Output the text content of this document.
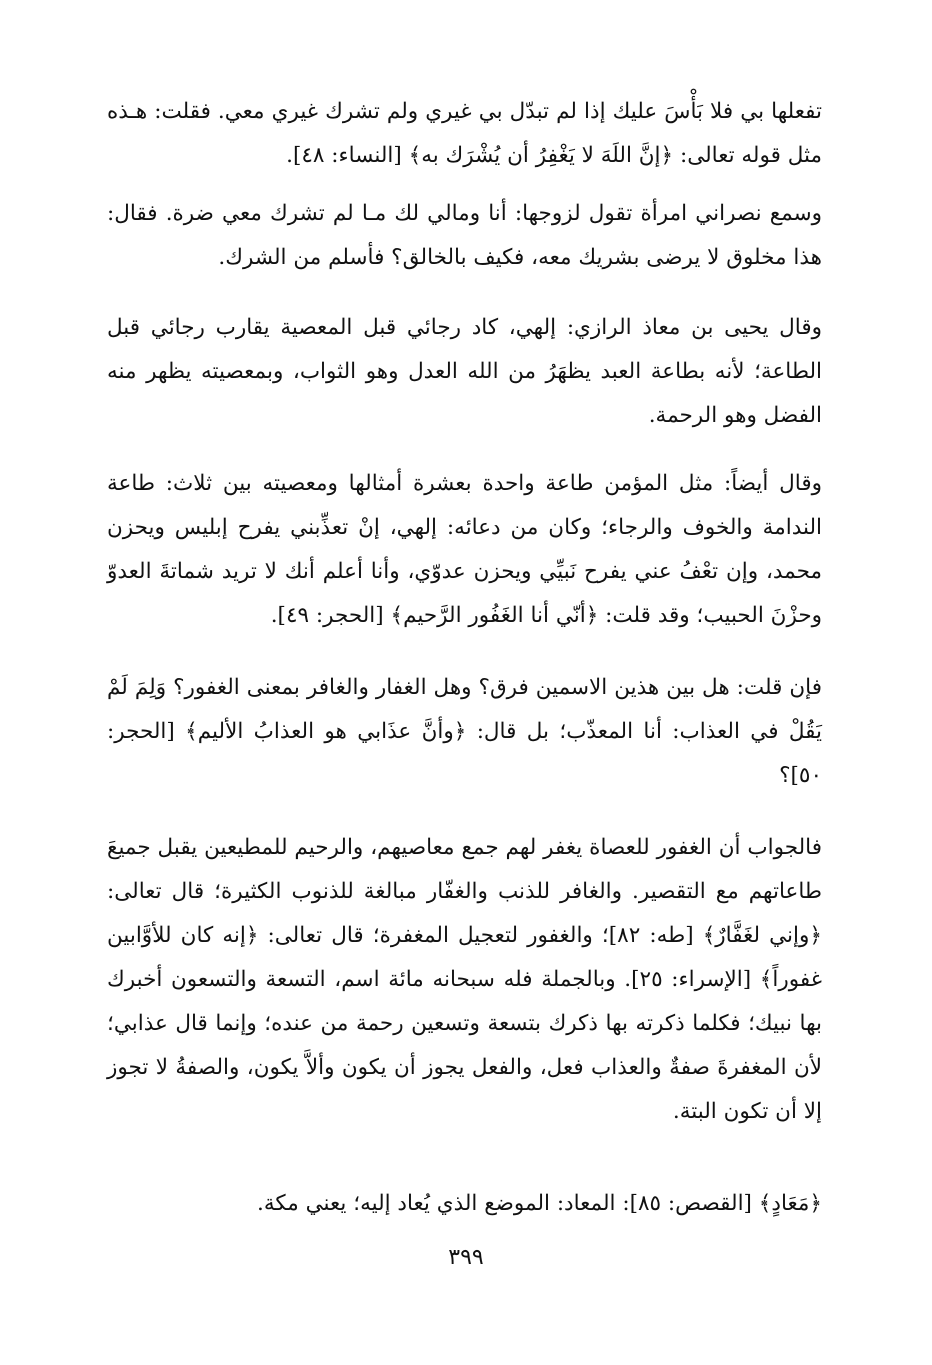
تفعلها بي فلا بَأْسَ عليك إذا لم تبدّل بي غيري ولم تشرك غيري معي. فقلت: هـذه مثل قوله تعالى: ﴿إنَّ اللَهَ لا يَغْفِرُ أن يُشْرَك به﴾ [النساء: ٤٨].

وسمع نصراني امرأة تقول لزوجها: أنا ومالي لك مـا لم تشرك معي ضرة. فقال: هذا مخلوق لا يرضى بشريك معه، فكيف بالخالق؟ فأسلم من الشرك.

وقال يحيى بن معاذ الرازي: إلهي، كاد رجائي قبل المعصية يقارب رجائي قبل الطاعة؛ لأنه بطاعة العبد يظهَرُ من الله العدل وهو الثواب، وبمعصيته يظهر منه الفضل وهو الرحمة.

وقال أيضاً: مثل المؤمن طاعة واحدة بعشرة أمثالها ومعصيته بين ثلاث: طاعة الندامة والخوف والرجاء؛ وكان من دعائه: إلهي، إنْ تعذِّبني يفرح إبليس ويحزن محمد، وإن تعْفُ عني يفرح نَبيِّي ويحزن عدوّي، وأنا أعلم أنك لا تريد شماتةَ العدوّ وحزْنَ الحبيب؛ وقد قلت: ﴿أنّي أنا الغَفُور الرَّحيم﴾ [الحجر: ٤٩].

فإن قلت: هل بين هذين الاسمين فرق؟ وهل الغفار والغافر بمعنى الغفور؟ وَلِمَ لَمْ يَقُلْ في العذاب: أنا المعذّب؛ بل قال: ﴿وأنَّ عذَابي هو العذابُ الأليم﴾ [الحجر: ٥٠]؟

فالجواب أن الغفور للعصاة يغفر لهم جمع معاصيهم، والرحيم للمطيعين يقبل جميعَ طاعاتهم مع التقصير. والغافر للذنب والغفّار مبالغة للذنوب الكثيرة؛ قال تعالى: ﴿وإني لغَفَّارٌ﴾ [طه: ٨٢]؛ والغفور لتعجيل المغفرة؛ قال تعالى: ﴿إنه كان للأوَّابين غفوراً﴾ [الإسراء: ٢٥]. وبالجملة فله سبحانه مائة اسم، التسعة والتسعون أخبرك بها نبيك؛ فكلما ذكرته بها ذكرك بتسعة وتسعين رحمة من عنده؛ وإنما قال عذابي؛ لأن المغفرةَ صفةٌ والعذاب فعل، والفعل يجوز أن يكون وألاَّ يكون، والصفةُ لا تجوز إلا أن تكون البتة.

﴿مَعَادٍ﴾ [القصص: ٨٥]: المعاد: الموضع الذي يُعاد إليه؛ يعني مكة.

٣٩٩
